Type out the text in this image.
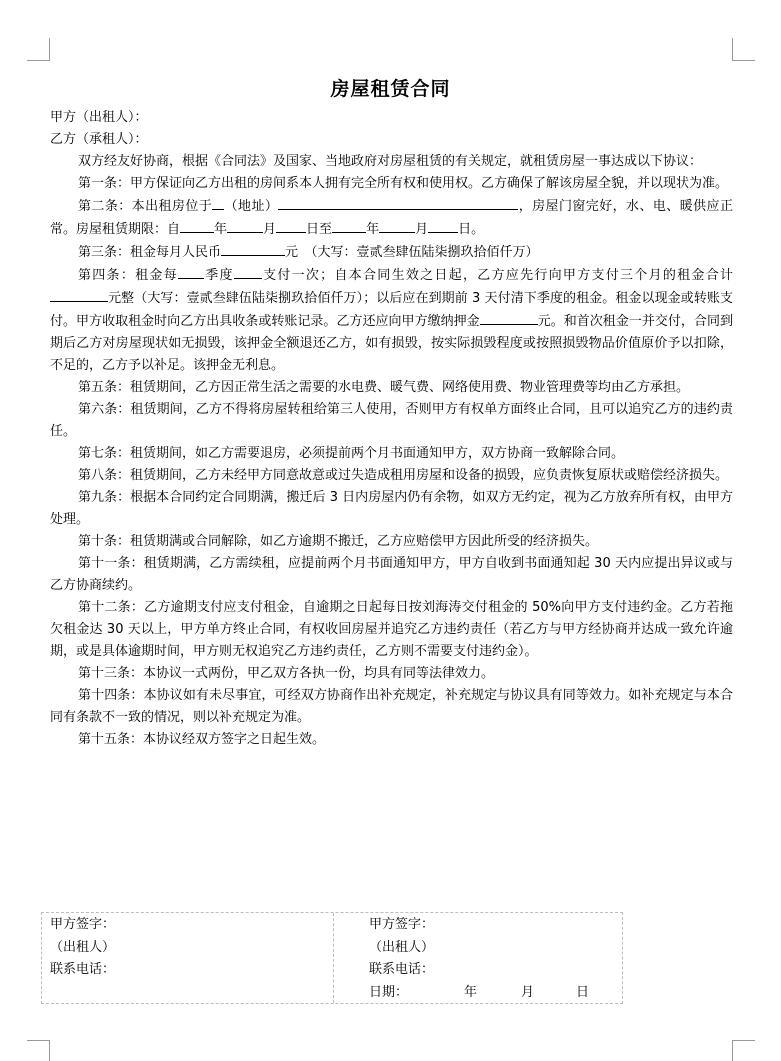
房屋租赁合同

甲方（出租人）：

乙方（承租人）：

双方经友好协商，根据《合同法》及国家、当地政府对房屋租赁的有关规定，就租赁房屋一事达成以下协议：

第一条：甲方保证向乙方出租的房间系本人拥有完全所有权和使用权。乙方确保了解该房屋全貌，并以现状为准。

第二条：本出租房位于 （地址）	，房屋门窗完好，水、电、暖供应正常。房屋租赁期限：自	年	月 日至	年	月 日。

第三条：租金每月人民币	元　（大写：壹贰叁肆伍陆柒捌玖拾佰仟万）

第四条：租金每 季度 支付一次；自本合同生效之日起，乙方应先行向甲方支付三个月的租金合计元整（大写：壹贰叁肆伍陆柒捌玖拾佰仟万）；以后应在到期前 3 天付清下季度的租金。租金以现金或转账支付。甲方收取租金时向乙方出具收条或转账记录。乙方还应向甲方缴纳押金	元。和首次租金一并交付，合同到期后乙方对房屋现状如无损毁，该押金全额退还乙方，如有损毁，按实际损毁程度或按照损毁物品价值原价予以扣除，不足的，乙方予以补足。该押金无利息。

第五条：租赁期间，乙方因正常生活之需要的水电费、暖气费、网络使用费、物业管理费等均由乙方承担。

第六条：租赁期间，乙方不得将房屋转租给第三人使用，否则甲方有权单方面终止合同，且可以追究乙方的违约责任。

第七条：租赁期间，如乙方需要退房，必须提前两个月书面通知甲方，双方协商一致解除合同。

第八条：租赁期间，乙方未经甲方同意故意或过失造成租用房屋和设备的损毁，应负责恢复原状或赔偿经济损失。

第九条：根据本合同约定合同期满，搬迁后 3 日内房屋内仍有余物，如双方无约定，视为乙方放弃所有权，由甲方处理。

第十条：租赁期满或合同解除，如乙方逾期不搬迁，乙方应赔偿甲方因此所受的经济损失。

第十一条：租赁期满，乙方需续租，应提前两个月书面通知甲方，甲方自收到书面通知起 30 天内应提出异议或与乙方协商续约。

第十二条：乙方逾期支付应支付租金，自逾期之日起每日按刘海涛交付租金的 50%向甲方支付违约金。乙方若拖欠租金达 30 天以上，甲方单方终止合同，有权收回房屋并追究乙方违约责任（若乙方与甲方经协商并达成一致允许逾期，或是具体逾期时间，甲方则无权追究乙方违约责任，乙方则不需要支付违约金）。

第十三条：本协议一式两份，甲乙双方各执一份，均具有同等法律效力。

第十四条：本协议如有未尽事宜，可经双方协商作出补充规定，补充规定与协议具有同等效力。如补充规定与本合同有条款不一致的情况，则以补充规定为准。

第十五条：本协议经双方签字之日起生效。

甲方签字：
（出租人）
联系电话：
甲方签字：
（出租人）
联系电话：
日期：	年	月	日
